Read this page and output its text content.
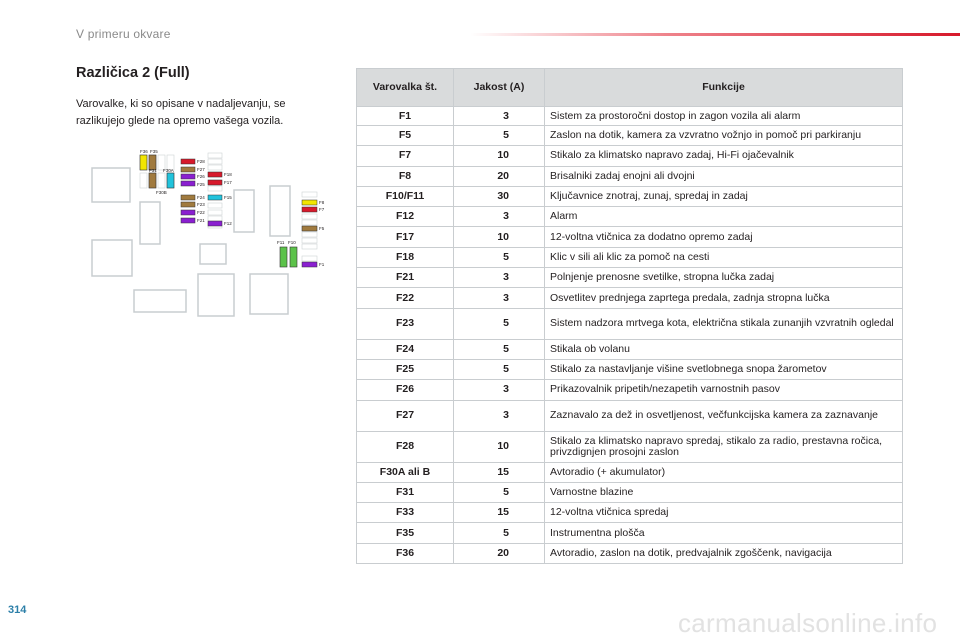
V primeru okvare
Različica 2 (Full)
Varovalke, ki so opisane v nadaljevanju, se razlikujejo glede na opremo vašega vozila.
F36 F35
F31 F30A
F30B
F28
F27
F26
F25
F24
F23
F22
F21
F18
F17
F15
F12
F11 F10
F8
F7
F5
F1
Varovalka št.	Jakost (A)	Funkcije
F1	3	Sistem za prostoročni dostop in zagon vozila ali alarm
F5	5	Zaslon na dotik, kamera za vzvratno vožnjo in pomoč pri parkiranju
F7	10	Stikalo za klimatsko napravo zadaj, Hi-Fi ojačevalnik
F8	20	Brisalniki zadaj enojni ali dvojni
F10/F11	30	Ključavnice znotraj, zunaj, spredaj in zadaj
F12	3	Alarm
F17	10	12-voltna vtičnica za dodatno opremo zadaj
F18	5	Klic v sili ali klic za pomoč na cesti
F21	3	Polnjenje prenosne svetilke, stropna lučka zadaj
F22	3	Osvetlitev prednjega zaprtega predala, zadnja stropna lučka
F23	5	Sistem nadzora mrtvega kota, električna stikala zunanjih vzvratnih ogledal
F24	5	Stikala ob volanu
F25	5	Stikalo za nastavljanje višine svetlobnega snopa žarometov
F26	3	Prikazovalnik pripetih/nezapetih varnostnih pasov
F27	3	Zaznavalo za dež in osvetljenost, večfunkcijska kamera za zaznavanje
F28	10	Stikalo za klimatsko napravo spredaj, stikalo za radio, prestavna ročica, privzdignjen prosojni zaslon
F30A ali B	15	Avtoradio (+ akumulator)
F31	5	Varnostne blazine
F33	15	12-voltna vtičnica spredaj
F35	5	Instrumentna plošča
F36	20	Avtoradio, zaslon na dotik, predvajalnik zgoščenk, navigacija
314	carmanualsonline.info
